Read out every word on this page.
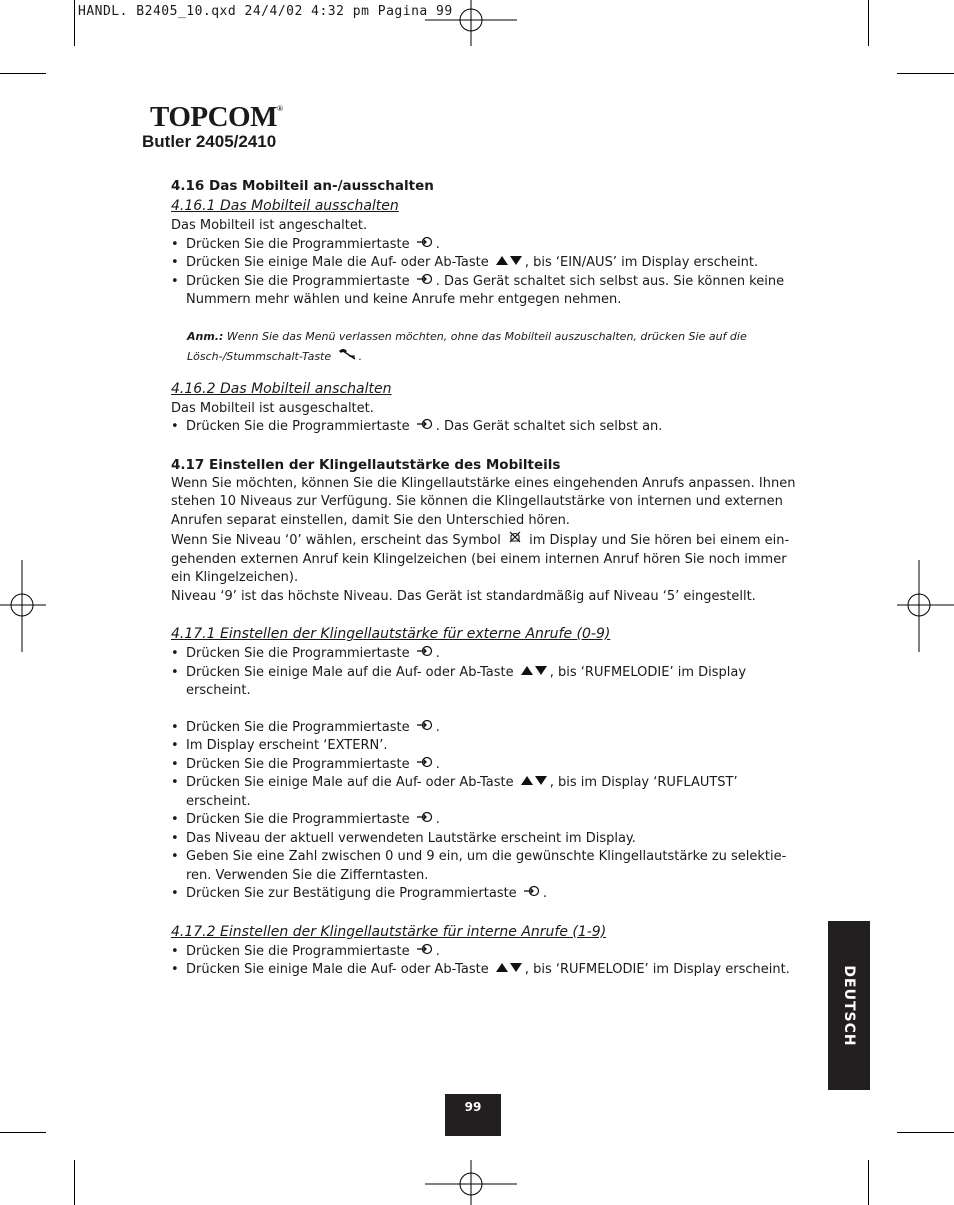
HANDL. B2405_10.qxd 24/4/02 4:32 pm Pagina 99
TOPCOM®
Butler 2405/2410

4.16 Das Mobilteil an-/ausschalten

4.16.1 Das Mobilteil ausschalten

Das Mobilteil ist angeschaltet.

• Drücken Sie die Programmiertaste .
• Drücken Sie einige Male die Auf- oder Ab-Taste	, bis ‘EIN/AUS’ im Display erscheint.
• Drücken Sie die Programmiertaste . Das Gerät schaltet sich selbst aus. Sie können keine Nummern mehr wählen und keine Anrufe mehr entgegen nehmen.

Anm.: Wenn Sie das Menü verlassen möchten, ohne das Mobilteil auszuschalten, drücken Sie auf die Lösch-/Stummschalt-Taste	.

4.16.2 Das Mobilteil anschalten

Das Mobilteil ist ausgeschaltet.

• Drücken Sie die Programmiertaste . Das Gerät schaltet sich selbst an.

4.17 Einstellen der Klingellautstärke des Mobilteils

Wenn Sie möchten, können Sie die Klingellautstärke eines eingehenden Anrufs anpassen. Ihnen stehen 10 Niveaus zur Verfügung. Sie können die Klingellautstärke von internen und externen Anrufen separat einstellen, damit Sie den Unterschied hören.

Wenn Sie Niveau ‘0’ wählen, erscheint das Symbol im Display und Sie hören bei einem ein-gehenden externen Anruf kein Klingelzeichen (bei einem internen Anruf hören Sie noch immer ein Klingelzeichen).

Niveau ‘9’ ist das höchste Niveau. Das Gerät ist standardmäßig auf Niveau ‘5’ eingestellt.

4.17.1 Einstellen der Klingellautstärke für externe Anrufe (0-9)

• Drücken Sie die Programmiertaste .
• Drücken Sie einige Male auf die Auf- oder Ab-Taste	, bis ‘RUFMELODIE’ im Display erscheint.
• Drücken Sie die Programmiertaste .
• Im Display erscheint ‘EXTERN’.
• Drücken Sie die Programmiertaste .
• Drücken Sie einige Male auf die Auf- oder Ab-Taste	, bis im Display ‘RUFLAUTST’ erscheint.
• Drücken Sie die Programmiertaste .
• Das Niveau der aktuell verwendeten Lautstärke erscheint im Display.
• Geben Sie eine Zahl zwischen 0 und 9 ein, um die gewünschte Klingellautstärke zu selektie-ren. Verwenden Sie die Zifferntasten.
• Drücken Sie zur Bestätigung die Programmiertaste .

4.17.2 Einstellen der Klingellautstärke für interne Anrufe (1-9)

• Drücken Sie die Programmiertaste .
• Drücken Sie einige Male die Auf- oder Ab-Taste	, bis ‘RUFMELODIE’ im Display erscheint.	DEUTSCH
99
